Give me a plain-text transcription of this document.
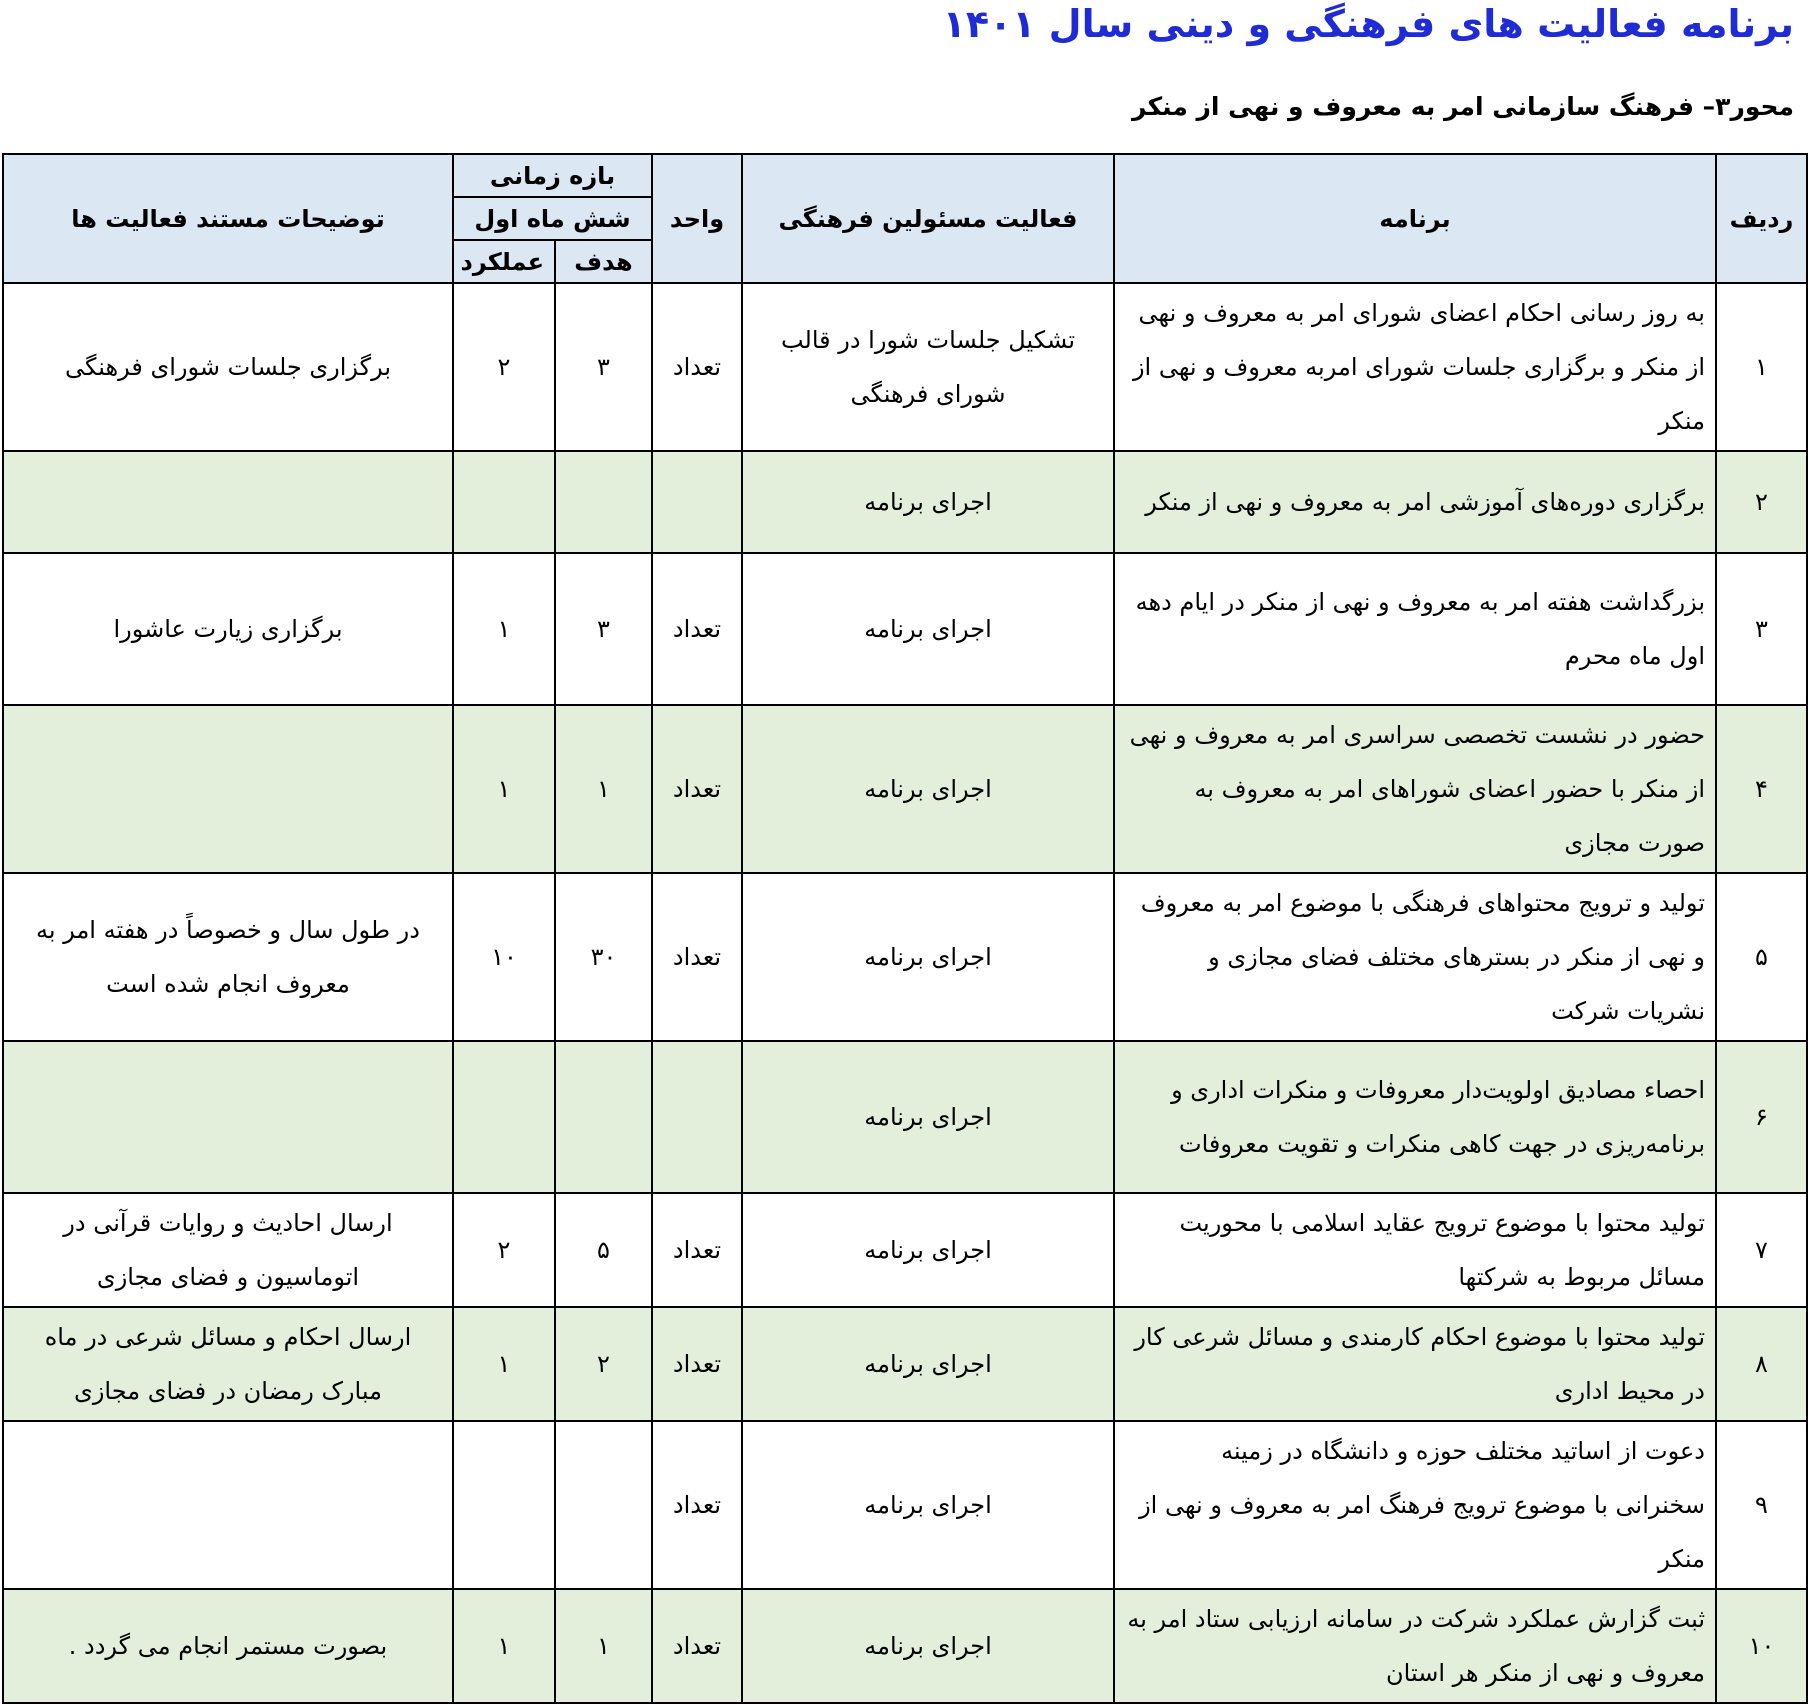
برنامه فعالیت های فرهنگی و دینی سال ۱۴۰۱
محور۳– فرهنگ سازمانی امر به معروف و نهی از منکر
ردیف	برنامه	فعالیت مسئولین فرهنگی	واحد	بازه زمانی		توضیحات مستند فعالیت ها
				شش ماه اول		
				هدف	عملکرد	
۱	به روز رسانی احکام اعضای شورای امر به معروف و نهی از منکر و برگزاری جلسات شورای امربه معروف و نهی از منکر	تشکیل جلسات شورا در قالب شورای فرهنگی	تعداد	۳	۲	برگزاری جلسات شورای فرهنگی
۲	برگزاری دوره‌های آموزشی امر به معروف و نهی از منکر	اجرای برنامه				
۳	بزرگداشت هفته امر به معروف و نهی از منکر در ایام دهه اول ماه محرم	اجرای برنامه	تعداد	۳	۱	برگزاری زیارت عاشورا
۴	حضور در نشست تخصصی سراسری امر به معروف و نهی از منکر با حضور اعضای شوراهای امر به معروف به صورت مجازی	اجرای برنامه	تعداد	۱	۱	
۵	تولید و ترویج محتواهای فرهنگی با موضوع امر به معروف و نهی از منکر در بسترهای مختلف فضای مجازی و نشریات شرکت	اجرای برنامه	تعداد	۳۰	۱۰	در طول سال و خصوصاً در هفته امر به معروف انجام شده است
۶	احصاء مصادیق اولویت‌دار معروفات و منکرات اداری و برنامه‌ریزی در جهت کاهی منکرات و تقویت معروفات	اجرای برنامه				
۷	تولید محتوا با موضوع ترویج عقاید اسلامی با محوریت مسائل مربوط به شرکتها	اجرای برنامه	تعداد	۵	۲	ارسال احادیث و روایات قرآنی در اتوماسیون و فضای مجازی
۸	تولید محتوا با موضوع احکام کارمندی و مسائل شرعی کار در محیط اداری	اجرای برنامه	تعداد	۲	۱	ارسال احکام و مسائل شرعی در ماه مبارک رمضان در فضای مجازی
۹	دعوت از اساتید مختلف حوزه و دانشگاه در زمینه سخنرانی با موضوع ترویج فرهنگ امر به معروف و نهی از منکر	اجرای برنامه	تعداد			
۱۰	ثبت گزارش عملکرد شرکت در سامانه ارزیابی ستاد امر به معروف و نهی از منکر هر استان	اجرای برنامه	تعداد	۱	۱	بصورت مستمر انجام می گردد .
